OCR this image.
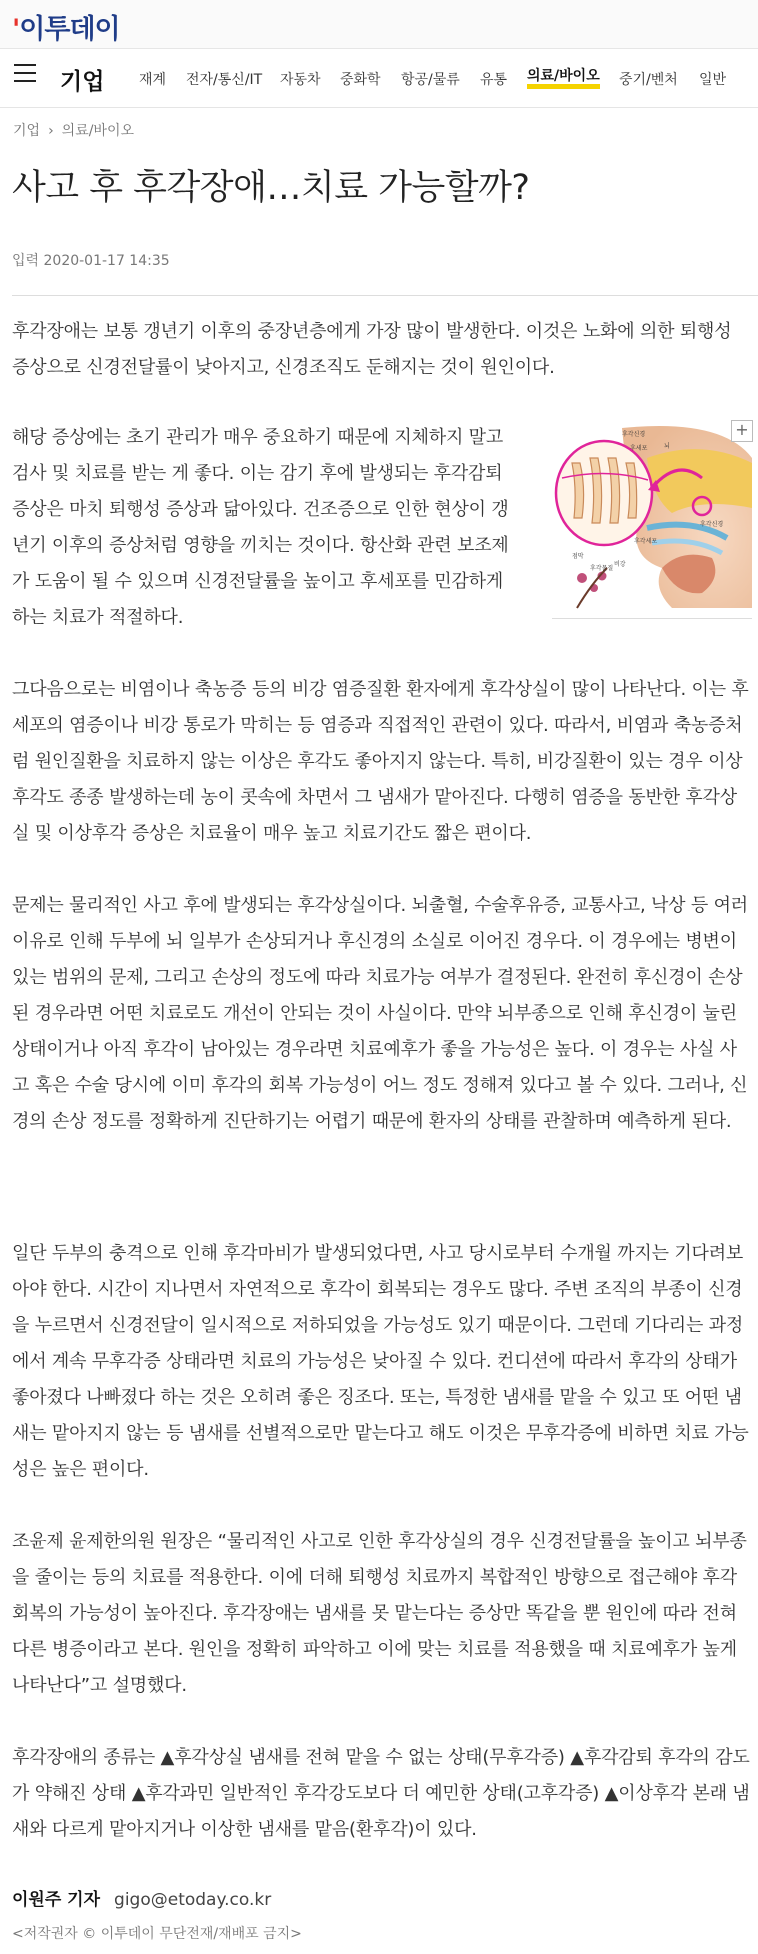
'이투데이
기업 재계 전자/통신/IT 자동차 중화학 항공/물류 유통 의료/바이오 중기/벤처 일반
기업 › 의료/바이오
사고 후 후각장애…치료 가능할까?
입력 2020-01-17 14:35

후각장애는 보통 갱년기 이후의 중장년층에게 가장 많이 발생한다. 이것은 노화에 의한 퇴행성 증상으로 신경전달률이 낮아지고, 신경조직도 둔해지는 것이 원인이다.

해당 증상에는 초기 관리가 매우 중요하기 때문에 지체하지 말고 검사 및 치료를 받는 게 좋다. 이는 감기 후에 발생되는 후각감퇴 증상은 마치 퇴행성 증상과 닮아있다. 건조증으로 인한 현상이 갱년기 이후의 증상처럼 영향을 끼치는 것이다. 항산화 관련 보조제가 도움이 될 수 있으며 신경전달률을 높이고 후세포를 민감하게 하는 치료가 적절하다.

후각신경
후세포	뇌
후각신경
후각세포
비강
점막
후각물질
+

그다음으로는 비염이나 축농증 등의 비강 염증질환 환자에게 후각상실이 많이 나타난다. 이는 후세포의 염증이나 비강 통로가 막히는 등 염증과 직접적인 관련이 있다. 따라서, 비염과 축농증처럼 원인질환을 치료하지 않는 이상은 후각도 좋아지지 않는다. 특히, 비강질환이 있는 경우 이상후각도 종종 발생하는데 농이 콧속에 차면서 그 냄새가 맡아진다. 다행히 염증을 동반한 후각상실 및 이상후각 증상은 치료율이 매우 높고 치료기간도 짧은 편이다.

문제는 물리적인 사고 후에 발생되는 후각상실이다. 뇌출혈, 수술후유증, 교통사고, 낙상 등 여러 이유로 인해 두부에 뇌 일부가 손상되거나 후신경의 소실로 이어진 경우다. 이 경우에는 병변이 있는 범위의 문제, 그리고 손상의 정도에 따라 치료가능 여부가 결정된다. 완전히 후신경이 손상된 경우라면 어떤 치료로도 개선이 안되는 것이 사실이다. 만약 뇌부종으로 인해 후신경이 눌린 상태이거나 아직 후각이 남아있는 경우라면 치료예후가 좋을 가능성은 높다. 이 경우는 사실 사고 혹은 수술 당시에 이미 후각의 회복 가능성이 어느 정도 정해져 있다고 볼 수 있다. 그러나, 신경의 손상 정도를 정확하게 진단하기는 어렵기 때문에 환자의 상태를 관찰하며 예측하게 된다.

일단 두부의 충격으로 인해 후각마비가 발생되었다면, 사고 당시로부터 수개월 까지는 기다려보아야 한다. 시간이 지나면서 자연적으로 후각이 회복되는 경우도 많다. 주변 조직의 부종이 신경을 누르면서 신경전달이 일시적으로 저하되었을 가능성도 있기 때문이다. 그런데 기다리는 과정에서 계속 무후각증 상태라면 치료의 가능성은 낮아질 수 있다. 컨디션에 따라서 후각의 상태가 좋아졌다 나빠졌다 하는 것은 오히려 좋은 징조다. 또는, 특정한 냄새를 맡을 수 있고 또 어떤 냄새는 맡아지지 않는 등 냄새를 선별적으로만 맡는다고 해도 이것은 무후각증에 비하면 치료 가능성은 높은 편이다.

조윤제 윤제한의원 원장은 “물리적인 사고로 인한 후각상실의 경우 신경전달률을 높이고 뇌부종을 줄이는 등의 치료를 적용한다. 이에 더해 퇴행성 치료까지 복합적인 방향으로 접근해야 후각 회복의 가능성이 높아진다. 후각장애는 냄새를 못 맡는다는 증상만 똑같을 뿐 원인에 따라 전혀 다른 병증이라고 본다. 원인을 정확히 파악하고 이에 맞는 치료를 적용했을 때 치료예후가 높게 나타난다”고 설명했다.

후각장애의 종류는 ▲후각상실 냄새를 전혀 맡을 수 없는 상태(무후각증) ▲후각감퇴 후각의 감도가 약해진 상태 ▲후각과민 일반적인 후각강도보다 더 예민한 상태(고후각증) ▲이상후각 본래 냄새와 다르게 맡아지거나 이상한 냄새를 맡음(환후각)이 있다.

이원주 기자 gigo@etoday.co.kr
<저작권자 © 이투데이 무단전재/재배포 금지>
